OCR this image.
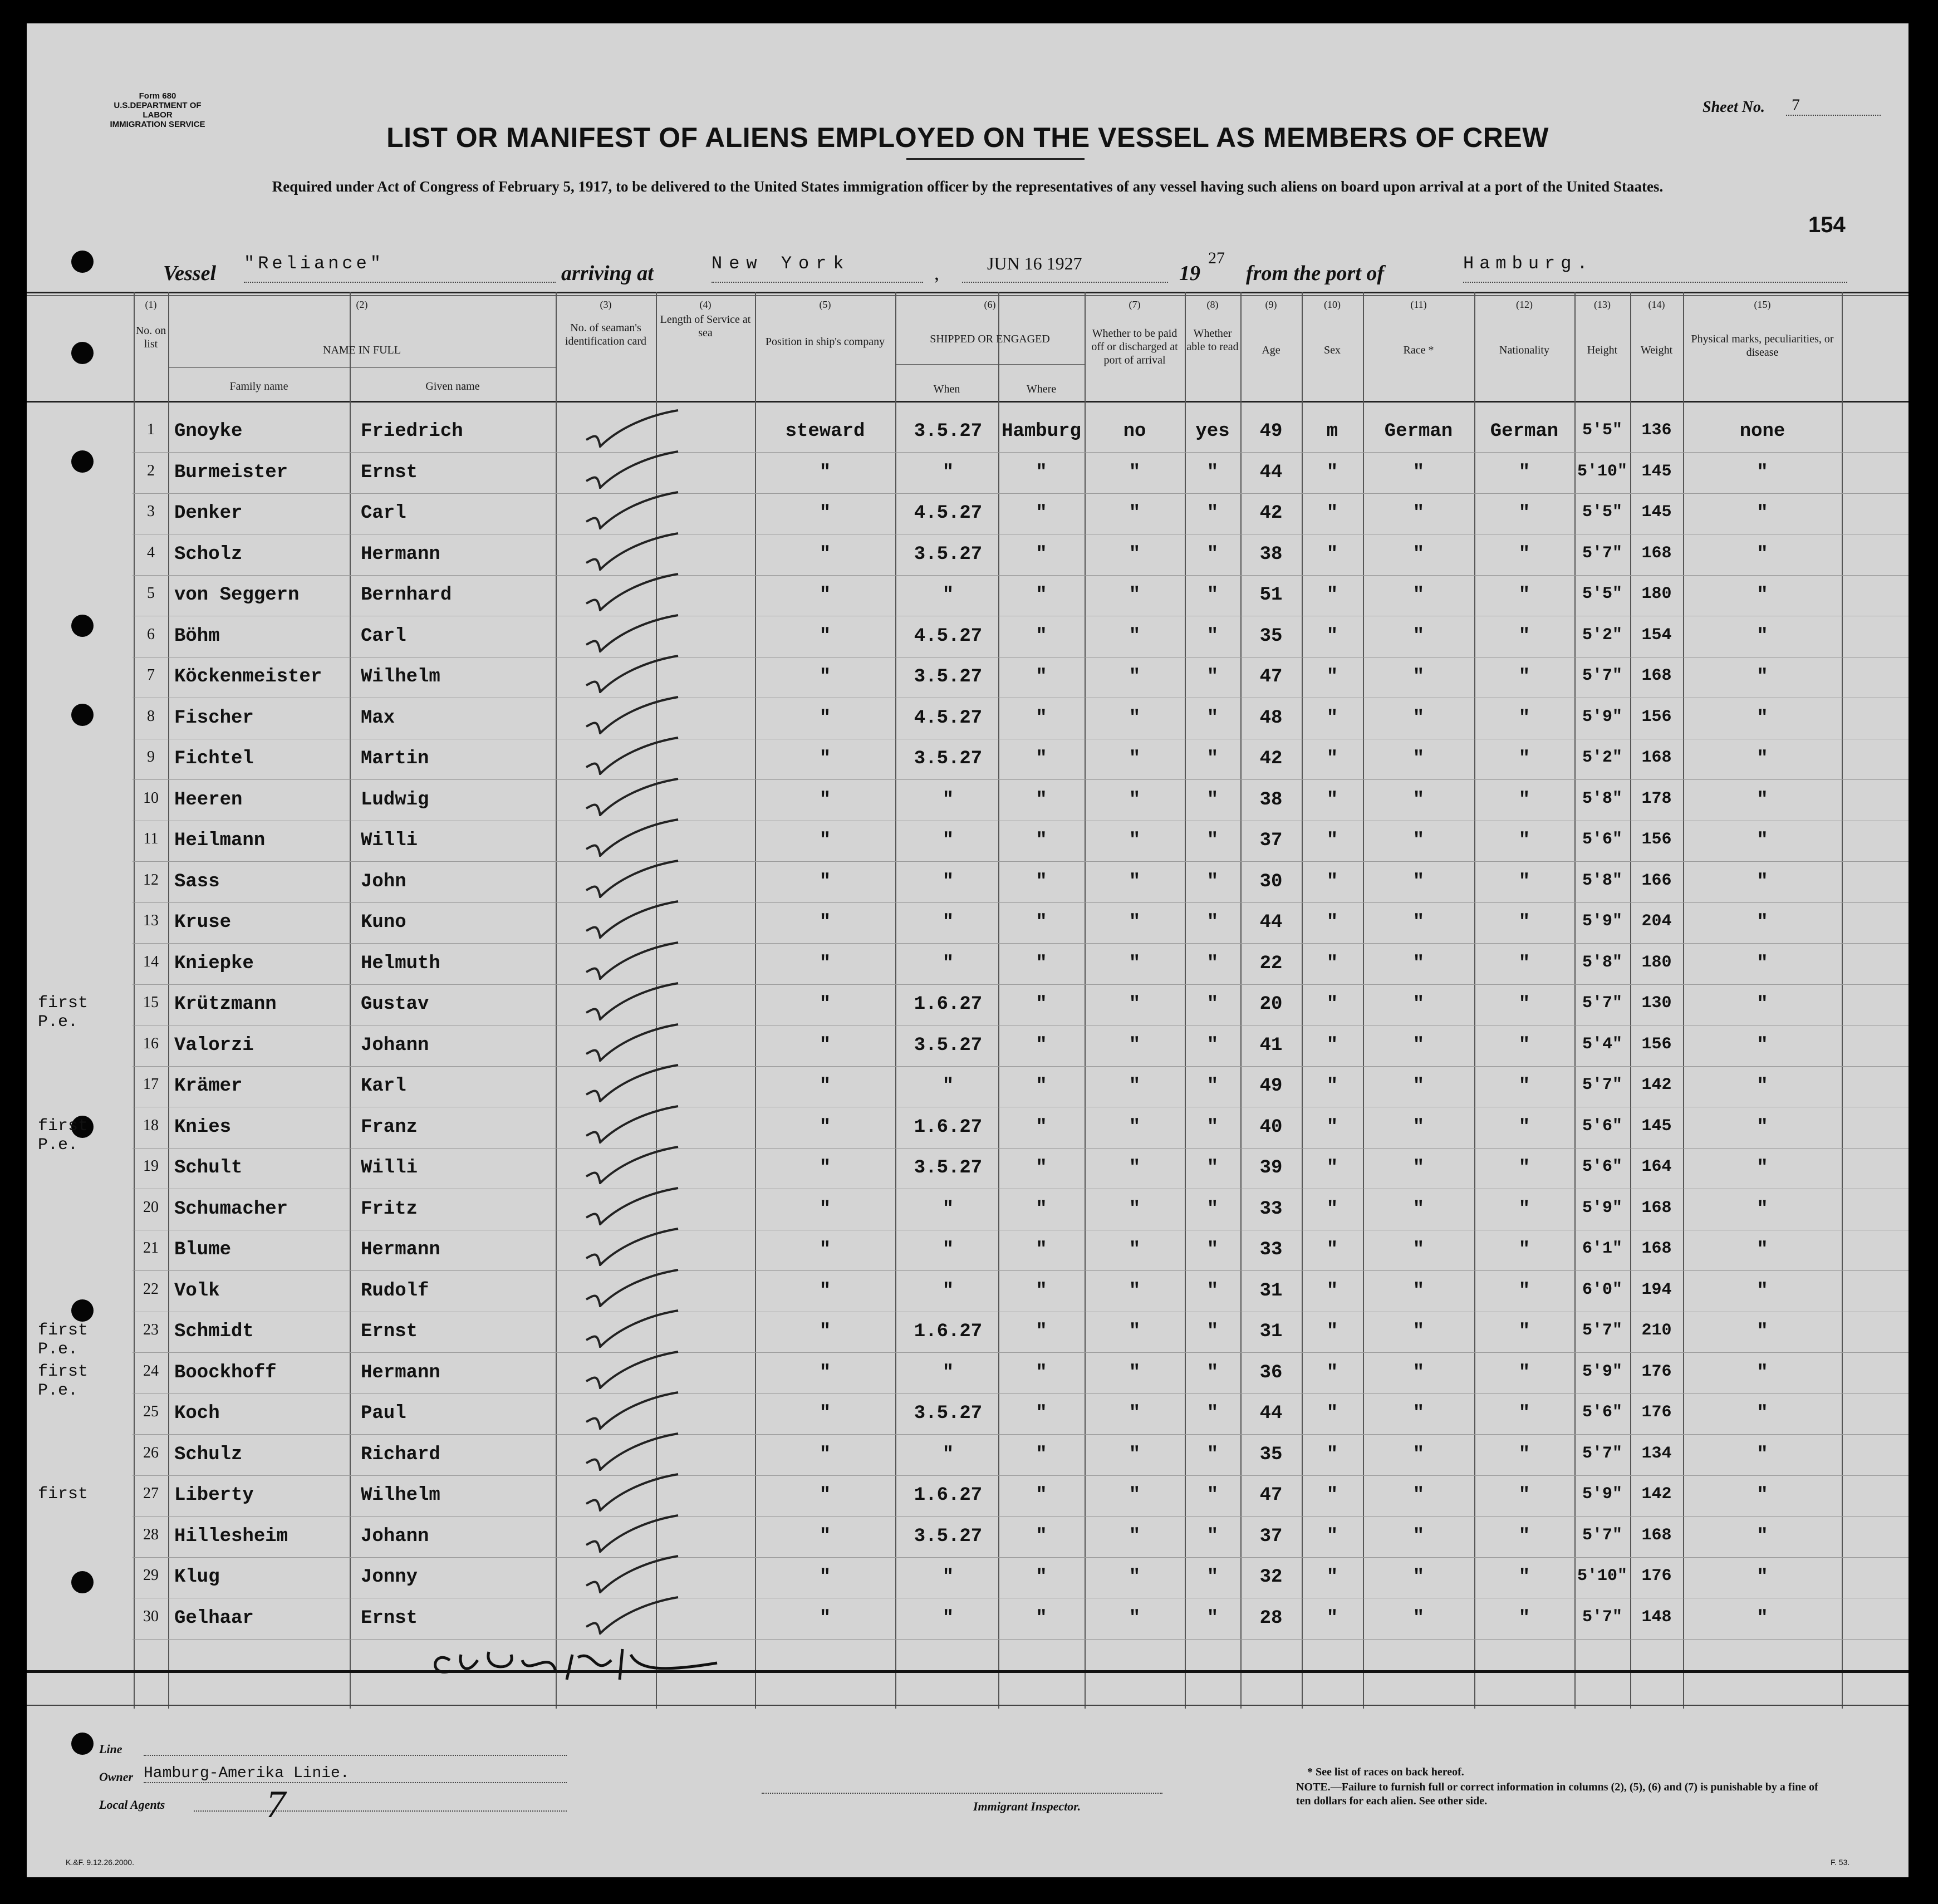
Form 680
U.S.DEPARTMENT OF LABOR
IMMIGRATION SERVICE
Sheet No.	7
LIST OR MANIFEST OF ALIENS EMPLOYED ON THE VESSEL AS MEMBERS OF CREW
Required under Act of Congress of February 5, 1917, to be delivered to the United States immigration officer by the representatives of any vessel having such aliens on board upon arrival at a port of the United Staates.
154
Vessel "Reliance"	arriving at	New York	,	JUN 16 1927	19
27
from the port of	Hamburg.
(1)
No. on list
(2)
NAME IN FULL
Family name	Given name
(3)
No. of seaman's identification card
(4)
Length of Service at sea
(5)
Position in ship's company
(6)
SHIPPED OR ENGAGED
When	Where
(7)
Whether to be paid off or discharged at port of arrival
(8)
Whether able to read
(9)
Age
(10)
Sex
(11)
Race *
(12)
Nationality
(13)
Height
(14)
Weight
(15)
Physical marks, peculiarities, or disease
1	Gnoyke	Friedrich	steward	3.5.27	Hamburg	no	yes	49	m	German	German	5'5"	136	none
2	Burmeister	Ernst	"	"	"	"	"	44	"	"	"	5'10" 145	"
3	Denker	Carl	"	4.5.27	"	"	"	42	"	"	"	5'5"	145	"
4	Scholz	Hermann	"	3.5.27	"	"	"	38	"	"	"	5'7"	168	"
5	von Seggern	Bernhard	"	"	"	"	"	51	"	"	"	5'5"	180	"
6	Böhm	Carl	"	4.5.27	"	"	"	35	"	"	"	5'2"	154	"
7	Köckenmeister	Wilhelm	"	3.5.27	"	"	"	47	"	"	"	5'7"	168	"
8	Fischer	Max	"	4.5.27	"	"	"	48	"	"	"	5'9"	156	"
9	Fichtel	Martin	"	3.5.27	"	"	"	42	"	"	"	5'2"	168	"
10 Heeren	Ludwig	"	"	"	"	"	38	"	"	"	5'8"	178	"
11 Heilmann	Willi	"	"	"	"	"	37	"	"	"	5'6"	156	"
12 Sass	John	"	"	"	"	"	30	"	"	"	5'8"	166	"
13 Kruse	Kuno	"	"	"	"	"	44	"	"	"	5'9"	204	"
14 Kniepke	Helmuth	"	"	"	"	"	22	"	"	"	5'8"	180	"
15 Krützmann	Gustav	"	1.6.27	"	"	"	20	"	"	"	5'7"	130	"
first P.e.
16 Valorzi	Johann	"	3.5.27	"	"	"	41	"	"	"	5'4"	156	"
17 Krämer	Karl	"	"	"	"	"	49	"	"	"	5'7"	142	"
18 Knies	Franz	"	1.6.27	"	"	"	40	"	"	"	5'6"	145	"
first P.e.
19 Schult	Willi	"	3.5.27	"	"	"	39	"	"	"	5'6"	164	"
20 Schumacher	Fritz	"	"	"	"	"	33	"	"	"	5'9"	168	"
21 Blume	Hermann	"	"	"	"	"	33	"	"	"	6'1"	168	"
22 Volk	Rudolf	"	"	"	"	"	31	"	"	"	6'0"	194	"
23 Schmidt	Ernst	"	1.6.27	"	"	"	31	"	"	"	5'7"	210	"
first P.e.
24 Boockhoff	Hermann	"	"	"	"	"	36	"	"	"	5'9"	176	"
first P.e.
25 Koch	Paul	"	3.5.27	"	"	"	44	"	"	"	5'6"	176	"
26 Schulz	Richard	"	"	"	"	"	35	"	"	"	5'7"	134	"
27 Liberty	Wilhelm	"	1.6.27	"	"	"	47	"	"	"	5'9"	142	"
first
28 Hillesheim	Johann	"	3.5.27	"	"	"	37	"	"	"	5'7"	168	"
29 Klug	Jonny	"	"	"	"	"	32	"	"	"	5'10" 176	"
30 Gelhaar	Ernst	"	"	"	"	"	28	"	"	"	5'7"	148	"
Line
Owner Hamburg-Amerika Linie.
Local Agents	7	Immigrant Inspector.
* See list of races on back hereof.
NOTE.—Failure to furnish full or correct information in columns (2), (5), (6) and (7) is punishable by a fine of ten dollars for each alien. See other side.
K.&F. 9.12.26.2000.	F. 53.
